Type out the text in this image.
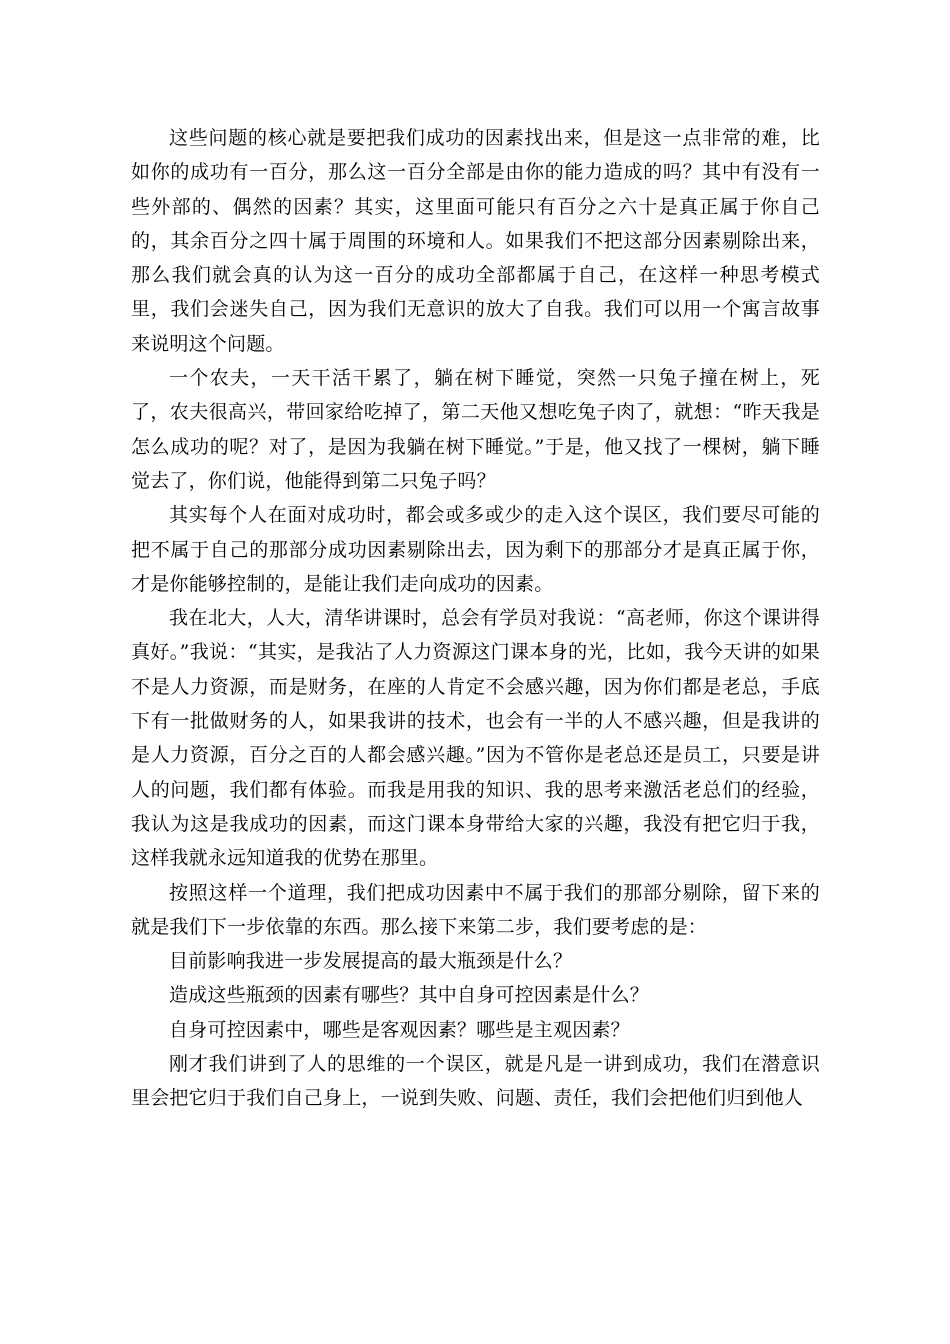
这些问题的核心就是要把我们成功的因素找出来，但是这一点非常的难，比如你的成功有一百分，那么这一百分全部是由你的能力造成的吗？其中有没有一些外部的、偶然的因素？其实，这里面可能只有百分之六十是真正属于你自己的，其余百分之四十属于周围的环境和人。如果我们不把这部分因素剔除出来，那么我们就会真的认为这一百分的成功全部都属于自己，在这样一种思考模式里，我们会迷失自己，因为我们无意识的放大了自我。我们可以用一个寓言故事来说明这个问题。

一个农夫，一天干活干累了，躺在树下睡觉，突然一只兔子撞在树上，死了，农夫很高兴，带回家给吃掉了，第二天他又想吃兔子肉了，就想：“昨天我是怎么成功的呢？对了，是因为我躺在树下睡觉。”于是，他又找了一棵树，躺下睡觉去了，你们说，他能得到第二只兔子吗？

其实每个人在面对成功时，都会或多或少的走入这个误区，我们要尽可能的把不属于自己的那部分成功因素剔除出去，因为剩下的那部分才是真正属于你，才是你能够控制的，是能让我们走向成功的因素。

我在北大，人大，清华讲课时，总会有学员对我说：“高老师，你这个课讲得真好。”我说：“其实，是我沾了人力资源这门课本身的光，比如，我今天讲的如果不是人力资源，而是财务，在座的人肯定不会感兴趣，因为你们都是老总，手底下有一批做财务的人，如果我讲的技术，也会有一半的人不感兴趣，但是我讲的是人力资源，百分之百的人都会感兴趣。”因为不管你是老总还是员工，只要是讲人的问题，我们都有体验。而我是用我的知识、我的思考来激活老总们的经验，我认为这是我成功的因素，而这门课本身带给大家的兴趣，我没有把它归于我，这样我就永远知道我的优势在那里。

按照这样一个道理，我们把成功因素中不属于我们的那部分剔除，留下来的就是我们下一步依靠的东西。那么接下来第二步，我们要考虑的是：

目前影响我进一步发展提高的最大瓶颈是什么？

造成这些瓶颈的因素有哪些？其中自身可控因素是什么？

自身可控因素中，哪些是客观因素？哪些是主观因素？

刚才我们讲到了人的思维的一个误区，就是凡是一讲到成功，我们在潜意识里会把它归于我们自己身上，一说到失败、问题、责任，我们会把他们归到他人
